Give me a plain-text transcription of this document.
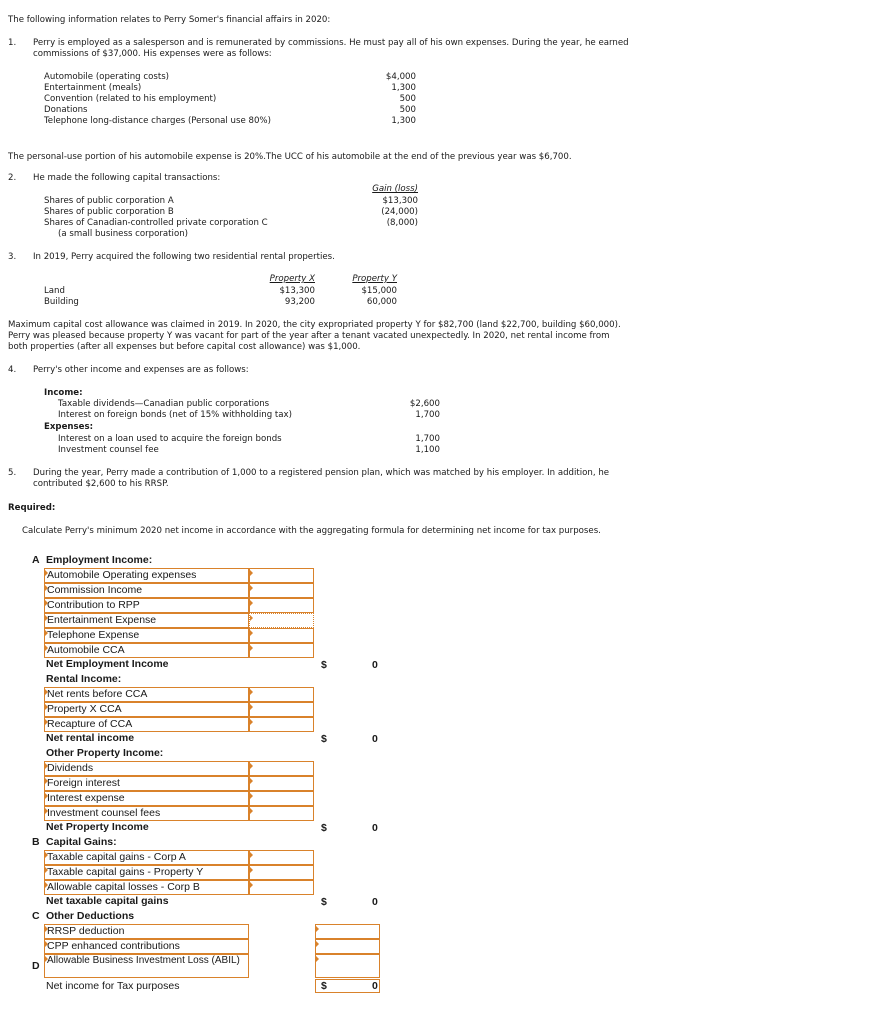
The following information relates to Perry Somer's financial affairs in 2020:
1. Perry is employed as a salesperson and is remunerated by commissions. He must pay all of his own expenses. During the year, he earned commissions of $37,000. His expenses were as follows:
Automobile (operating costs)	$4,000
Entertainment (meals)	1,300
Convention (related to his employment)	500
Donations	500
Telephone long-distance charges (Personal use 80%)	1,300
The personal-use portion of his automobile expense is 20%.The UCC of his automobile at the end of the previous year was $6,700.
2. He made the following capital transactions:
Gain (loss)
Shares of public corporation A	$13,300
Shares of public corporation B	(24,000)
Shares of Canadian-controlled private corporation C	(8,000)
(a small business corporation)
3. In 2019, Perry acquired the following two residential rental properties.
Property X	Property Y
Land	$13,300	$15,000
Building	93,200	60,000
Maximum capital cost allowance was claimed in 2019. In 2020, the city expropriated property Y for $82,700 (land $22,700, building $60,000). Perry was pleased because property Y was vacant for part of the year after a tenant vacated unexpectedly. In 2020, net rental income from both properties (after all expenses but before capital cost allowance) was $1,000.
4. Perry's other income and expenses are as follows:
Income:
Taxable dividends—Canadian public corporations	$2,600
Interest on foreign bonds (net of 15% withholding tax)	1,700
Expenses:
Interest on a loan used to acquire the foreign bonds	1,700
Investment counsel fee	1,100
5. During the year, Perry made a contribution of 1,000 to a registered pension plan, which was matched by his employer. In addition, he contributed $2,600 to his RRSP.
Required:
Calculate Perry's minimum 2020 net income in accordance with the aggregating formula for determining net income for tax purposes.
A Employment Income:
Automobile Operating expenses
Commission Income
Contribution to RPP
Entertainment Expense
Telephone Expense
Automobile CCA
Net Employment Income	$	0
Rental Income:
Net rents before CCA
Property X CCA
Recapture of CCA
Net rental income	$	0
Other Property Income:
Dividends
Foreign interest
Interest expense
Investment counsel fees
Net Property Income	$	0
B Capital Gains:
Taxable capital gains - Corp A
Taxable capital gains - Property Y
Allowable capital losses - Corp B
Net taxable capital gains	$	0
C Other Deductions
RRSP deduction
CPP enhanced contributions
Allowable Business Investment Loss (ABIL)
D
Net income for Tax purposes	$	0
